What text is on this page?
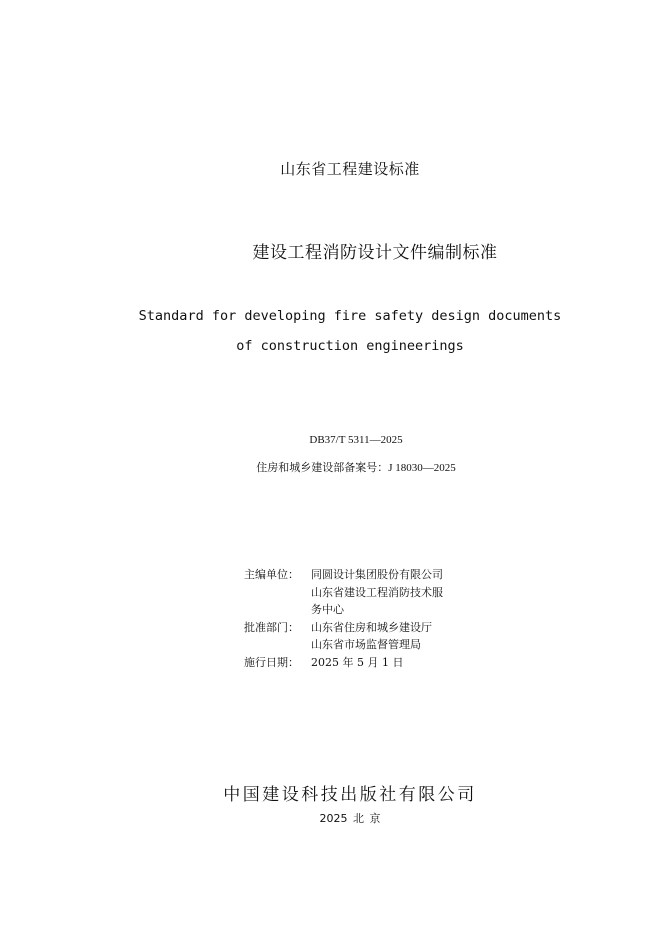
山东省工程建设标准
建设工程消防设计文件编制标准
Standard for developing fire safety design documents
of construction engineerings
DB37/T 5311—2025
住房和城乡建设部备案号：J 18030—2025
主编单位：	同圆设计集团股份有限公司
山东省建设工程消防技术服
务中心
批准部门：	山东省住房和城乡建设厅
山东省市场监督管理局
施行日期：	2025 年 5 月 1 日
中国建设科技出版社有限公司
2025 北 京
